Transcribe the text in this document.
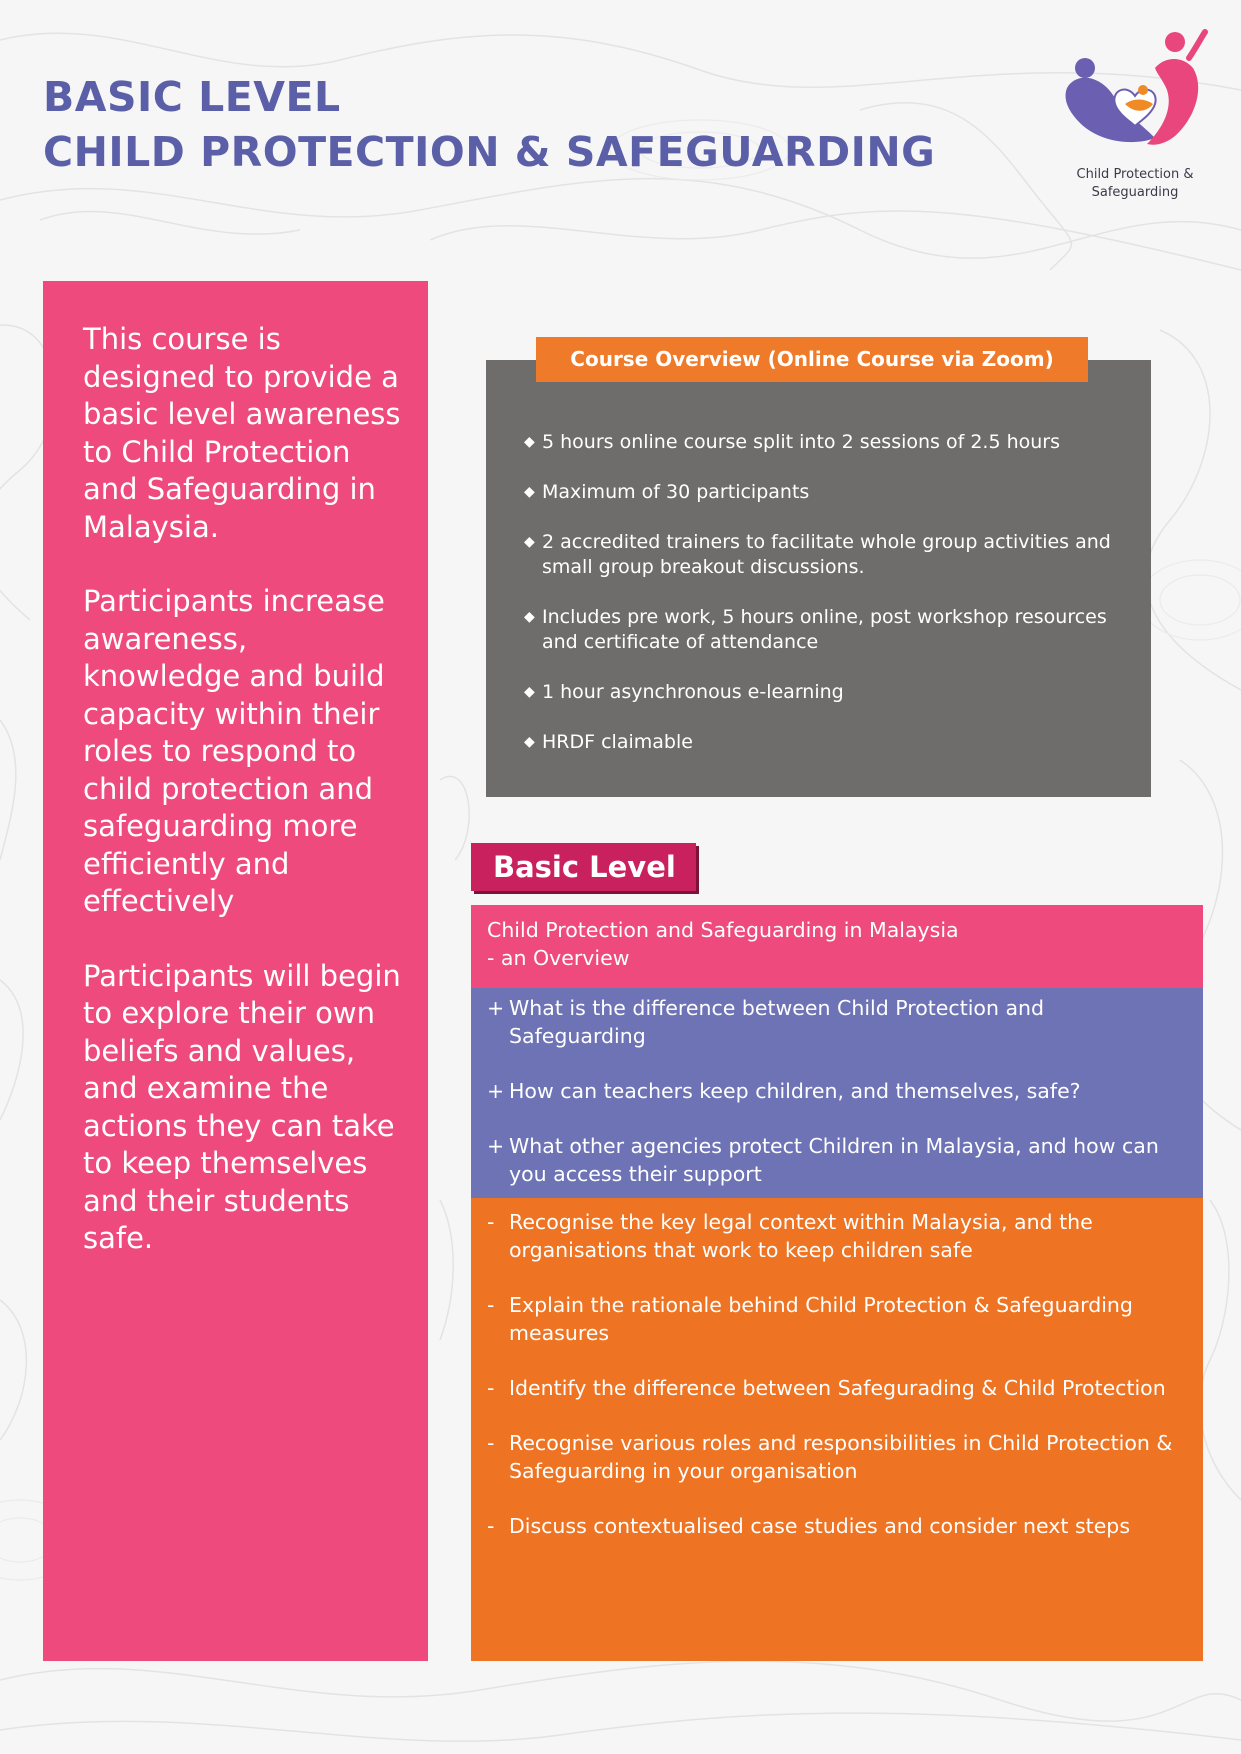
BASIC LEVEL
CHILD PROTECTION & SAFEGUARDING	Child Protection &
Safeguarding

This course is designed to provide a basic level awareness to Child Protection and Safeguarding in Malaysia.

Participants increase awareness, knowledge and build capacity within their roles to respond to child protection and safeguarding more efficiently and effectively

Participants will begin to explore their own beliefs and values, and examine the actions they can take to keep themselves and their students safe.

Course Overview (Online Course via Zoom)
◆ 5 hours online course split into 2 sessions of 2.5 hours
◆ Maximum of 30 participants
◆ 2 accredited trainers to facilitate whole group activities and small group breakout discussions.
◆ Includes pre work, 5 hours online, post workshop resources and certificate of attendance
◆ 1 hour asynchronous e-learning
◆ HRDF claimable
Basic Level
Child Protection and Safeguarding in Malaysia
- an Overview
+ What is the difference between Child Protection and Safeguarding
+ How can teachers keep children, and themselves, safe?
+ What other agencies protect Children in Malaysia, and how can you access their support
- Recognise the key legal context within Malaysia, and the organisations that work to keep children safe
- Explain the rationale behind Child Protection & Safeguarding measures
- Identify the difference between Safegurading & Child Protection
- Recognise various roles and responsibilities in Child Protection & Safeguarding in your organisation
- Discuss contextualised case studies and consider next steps
